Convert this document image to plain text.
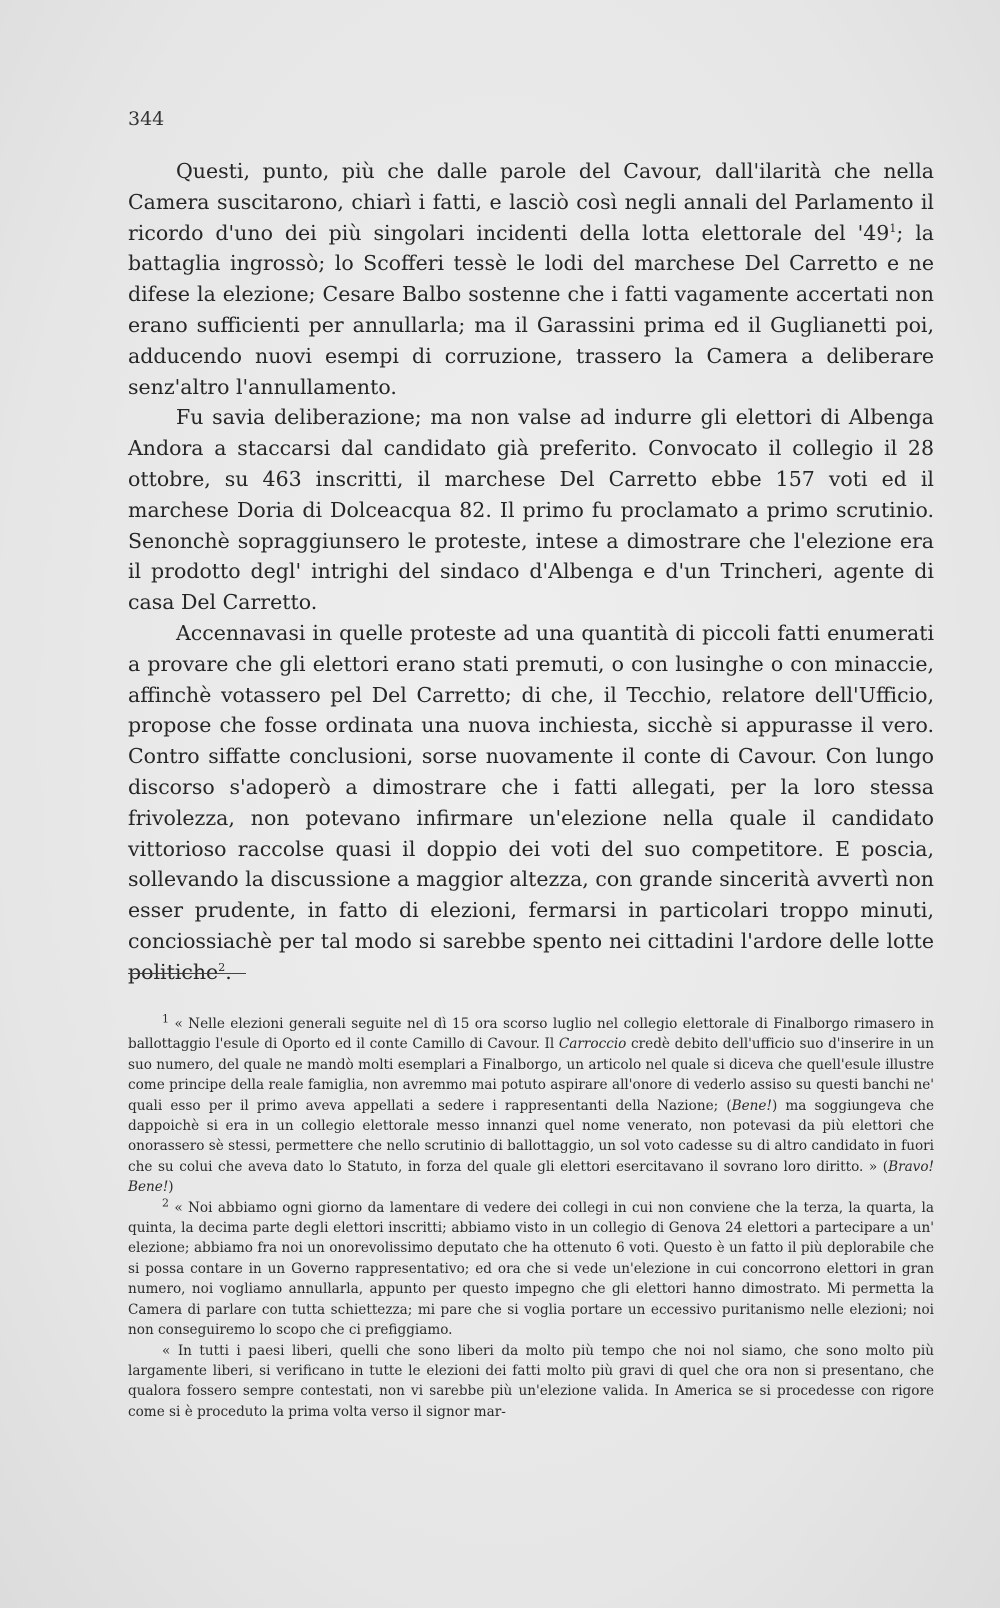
344

Questi, punto, più che dalle parole del Cavour, dall'ilarità che nella Camera suscitarono, chiarì i fatti, e lasciò così negli annali del Parlamento il ricordo d'uno dei più singolari incidenti della lotta elettorale del '$49^1$; la battaglia ingrossò; lo Scofferi tessè le lodi del marchese Del Carretto e ne difese la elezione; Cesare Balbo sostenne che i fatti vagamente accertati non erano sufficienti per annullarla; ma il Garassini prima ed il Guglianetti poi, adducendo nuovi esempi di corruzione, trassero la Camera a deliberare senz'altro l'annullamento.

Fu savia deliberazione; ma non valse ad indurre gli elettori di Albenga Andora a staccarsi dal candidato già preferito. Convocato il collegio il 28 ottobre, su 463 inscritti, il marchese Del Carretto ebbe 157 voti ed il marchese Doria di Dolceacqua 82. Il primo fu proclamato a primo scrutinio. Senonchè sopraggiunsero le proteste, intese a dimostrare che l'elezione era il prodotto degl' intrighi del sindaco d'Albenga e d'un Trincheri, agente di casa Del Carretto.

Accennavasi in quelle proteste ad una quantità di piccoli fatti enumerati a provare che gli elettori erano stati premuti, o con lusinghe o con minaccie, affinchè votassero pel Del Carretto; di che, il Tecchio, relatore dell'Ufficio, propose che fosse ordinata una nuova inchiesta, sicchè si appurasse il vero. Contro siffatte conclusioni, sorse nuovamente il conte di Cavour. Con lungo discorso s'adoperò a dimostrare che i fatti allegati, per la loro stessa frivolezza, non potevano infirmare un'elezione nella quale il candidato vittorioso raccolse quasi il doppio dei voti del suo competitore. E poscia, sollevando la discussione a maggior altezza, con grande sincerità avvertì non esser prudente, in fatto di elezioni, fermarsi in particolari troppo minuti, conciossiachè per tal modo si sarebbe spento nei cittadini l'ardore delle lotte politiche$^2$.

$^1$ « Nelle elezioni generali seguite nel dì 15 ora scorso luglio nel collegio elettorale di Finalborgo rimasero in ballottaggio l'esule di Oporto ed il conte Camillo di Cavour. Il Carroccio credè debito dell'ufficio suo d'inserire in un suo numero, del quale ne mandò molti esemplari a Finalborgo, un articolo nel quale si diceva che quell'esule illustre come principe della reale famiglia, non avremmo mai potuto aspirare all'onore di vederlo assiso su questi banchi ne' quali esso per il primo aveva appellati a sedere i rappresentanti della Nazione; (Bene!) ma soggiungeva che dappoichè si era in un collegio elettorale messo innanzi quel nome venerato, non potevasi da più elettori che onorassero sè stessi, permettere che nello scrutinio di ballottaggio, un sol voto cadesse su di altro candidato in fuori che su colui che aveva dato lo Statuto, in forza del quale gli elettori esercitavano il sovrano loro diritto. » (Bravo! Bene!)

$^2$ « Noi abbiamo ogni giorno da lamentare di vedere dei collegi in cui non conviene che la terza, la quarta, la quinta, la decima parte degli elettori inscritti; abbiamo visto in un collegio di Genova 24 elettori a partecipare a un' elezione; abbiamo fra noi un onorevolissimo deputato che ha ottenuto 6 voti. Questo è un fatto il più deplorabile che si possa contare in un Governo rappresentativo; ed ora che si vede un'elezione in cui concorrono elettori in gran numero, noi vogliamo annullarla, appunto per questo impegno che gli elettori hanno dimostrato. Mi permetta la Camera di parlare con tutta schiettezza; mi pare che si voglia portare un eccessivo puritanismo nelle elezioni; noi non conseguiremo lo scopo che ci prefiggiamo.

« In tutti i paesi liberi, quelli che sono liberi da molto più tempo che noi nol siamo, che sono molto più largamente liberi, si verificano in tutte le elezioni dei fatti molto più gravi di quel che ora non si presentano, che qualora fossero sempre contestati, non vi sarebbe più un'elezione valida. In America se si procedesse con rigore come si è proceduto la prima volta verso il signor mar-
